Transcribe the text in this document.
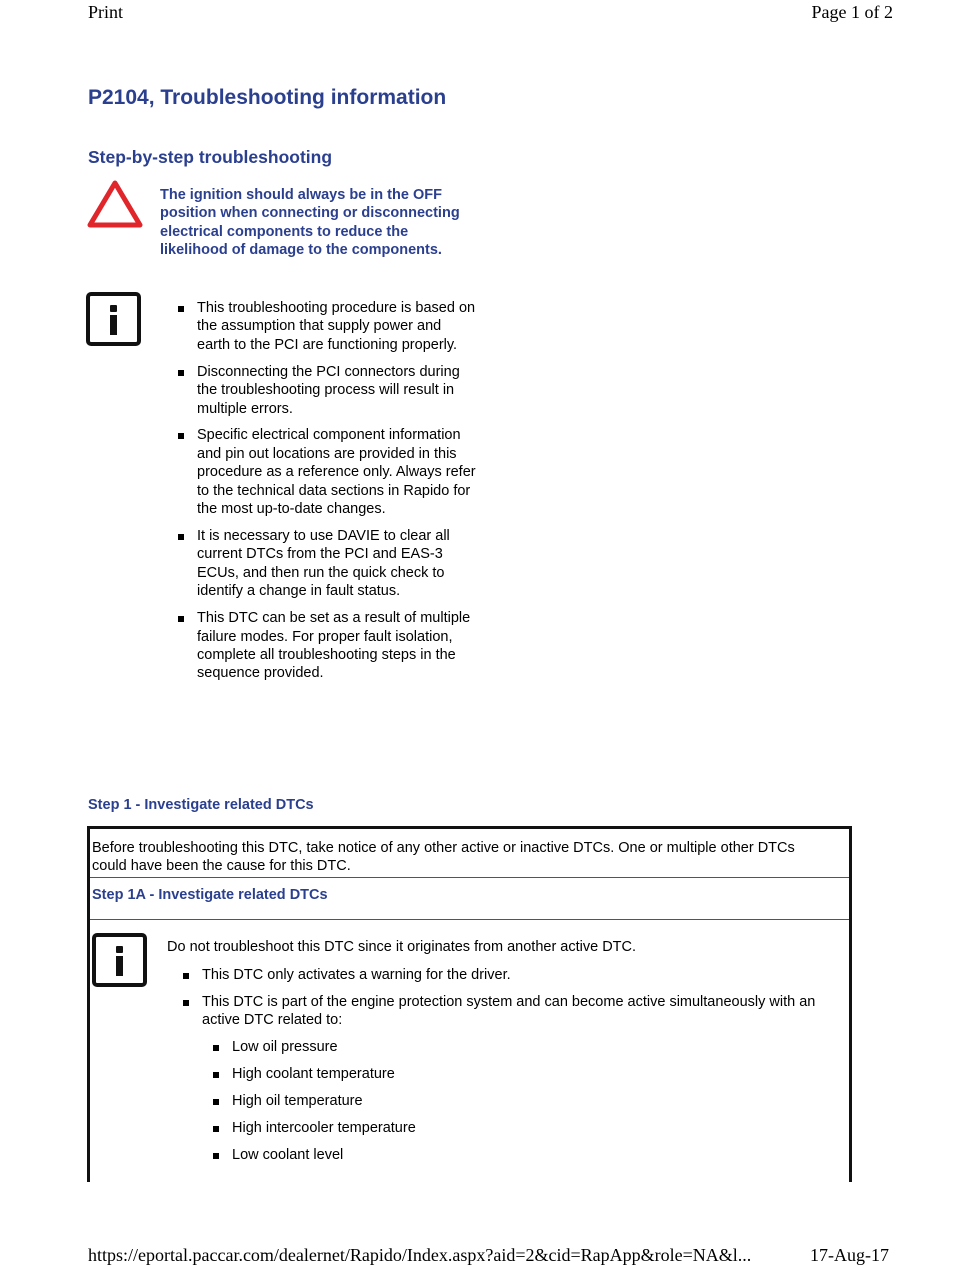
Print	Page 1 of 2
P2104, Troubleshooting information
Step-by-step troubleshooting
The ignition should always be in the OFF position when connecting or disconnecting electrical components to reduce the likelihood of damage to the components.
This troubleshooting procedure is based on the assumption that supply power and earth to the PCI are functioning properly.
Disconnecting the PCI connectors during the troubleshooting process will result in multiple errors.
Specific electrical component information and pin out locations are provided in this procedure as a reference only. Always refer to the technical data sections in Rapido for the most up-to-date changes.
It is necessary to use DAVIE to clear all current DTCs from the PCI and EAS-3 ECUs, and then run the quick check to identify a change in fault status.
This DTC can be set as a result of multiple failure modes. For proper fault isolation, complete all troubleshooting steps in the sequence provided.
Step 1 - Investigate related DTCs
Before troubleshooting this DTC, take notice of any other active or inactive DTCs. One or multiple other DTCs could have been the cause for this DTC.
Step 1A - Investigate related DTCs
Do not troubleshoot this DTC since it originates from another active DTC.
This DTC only activates a warning for the driver.
This DTC is part of the engine protection system and can become active simultaneously with an active DTC related to:
Low oil pressure
High coolant temperature
High oil temperature
High intercooler temperature
Low coolant level
https://eportal.paccar.com/dealernet/Rapido/Index.aspx?aid=2&cid=RapApp&role=NA&l...	17-Aug-17
